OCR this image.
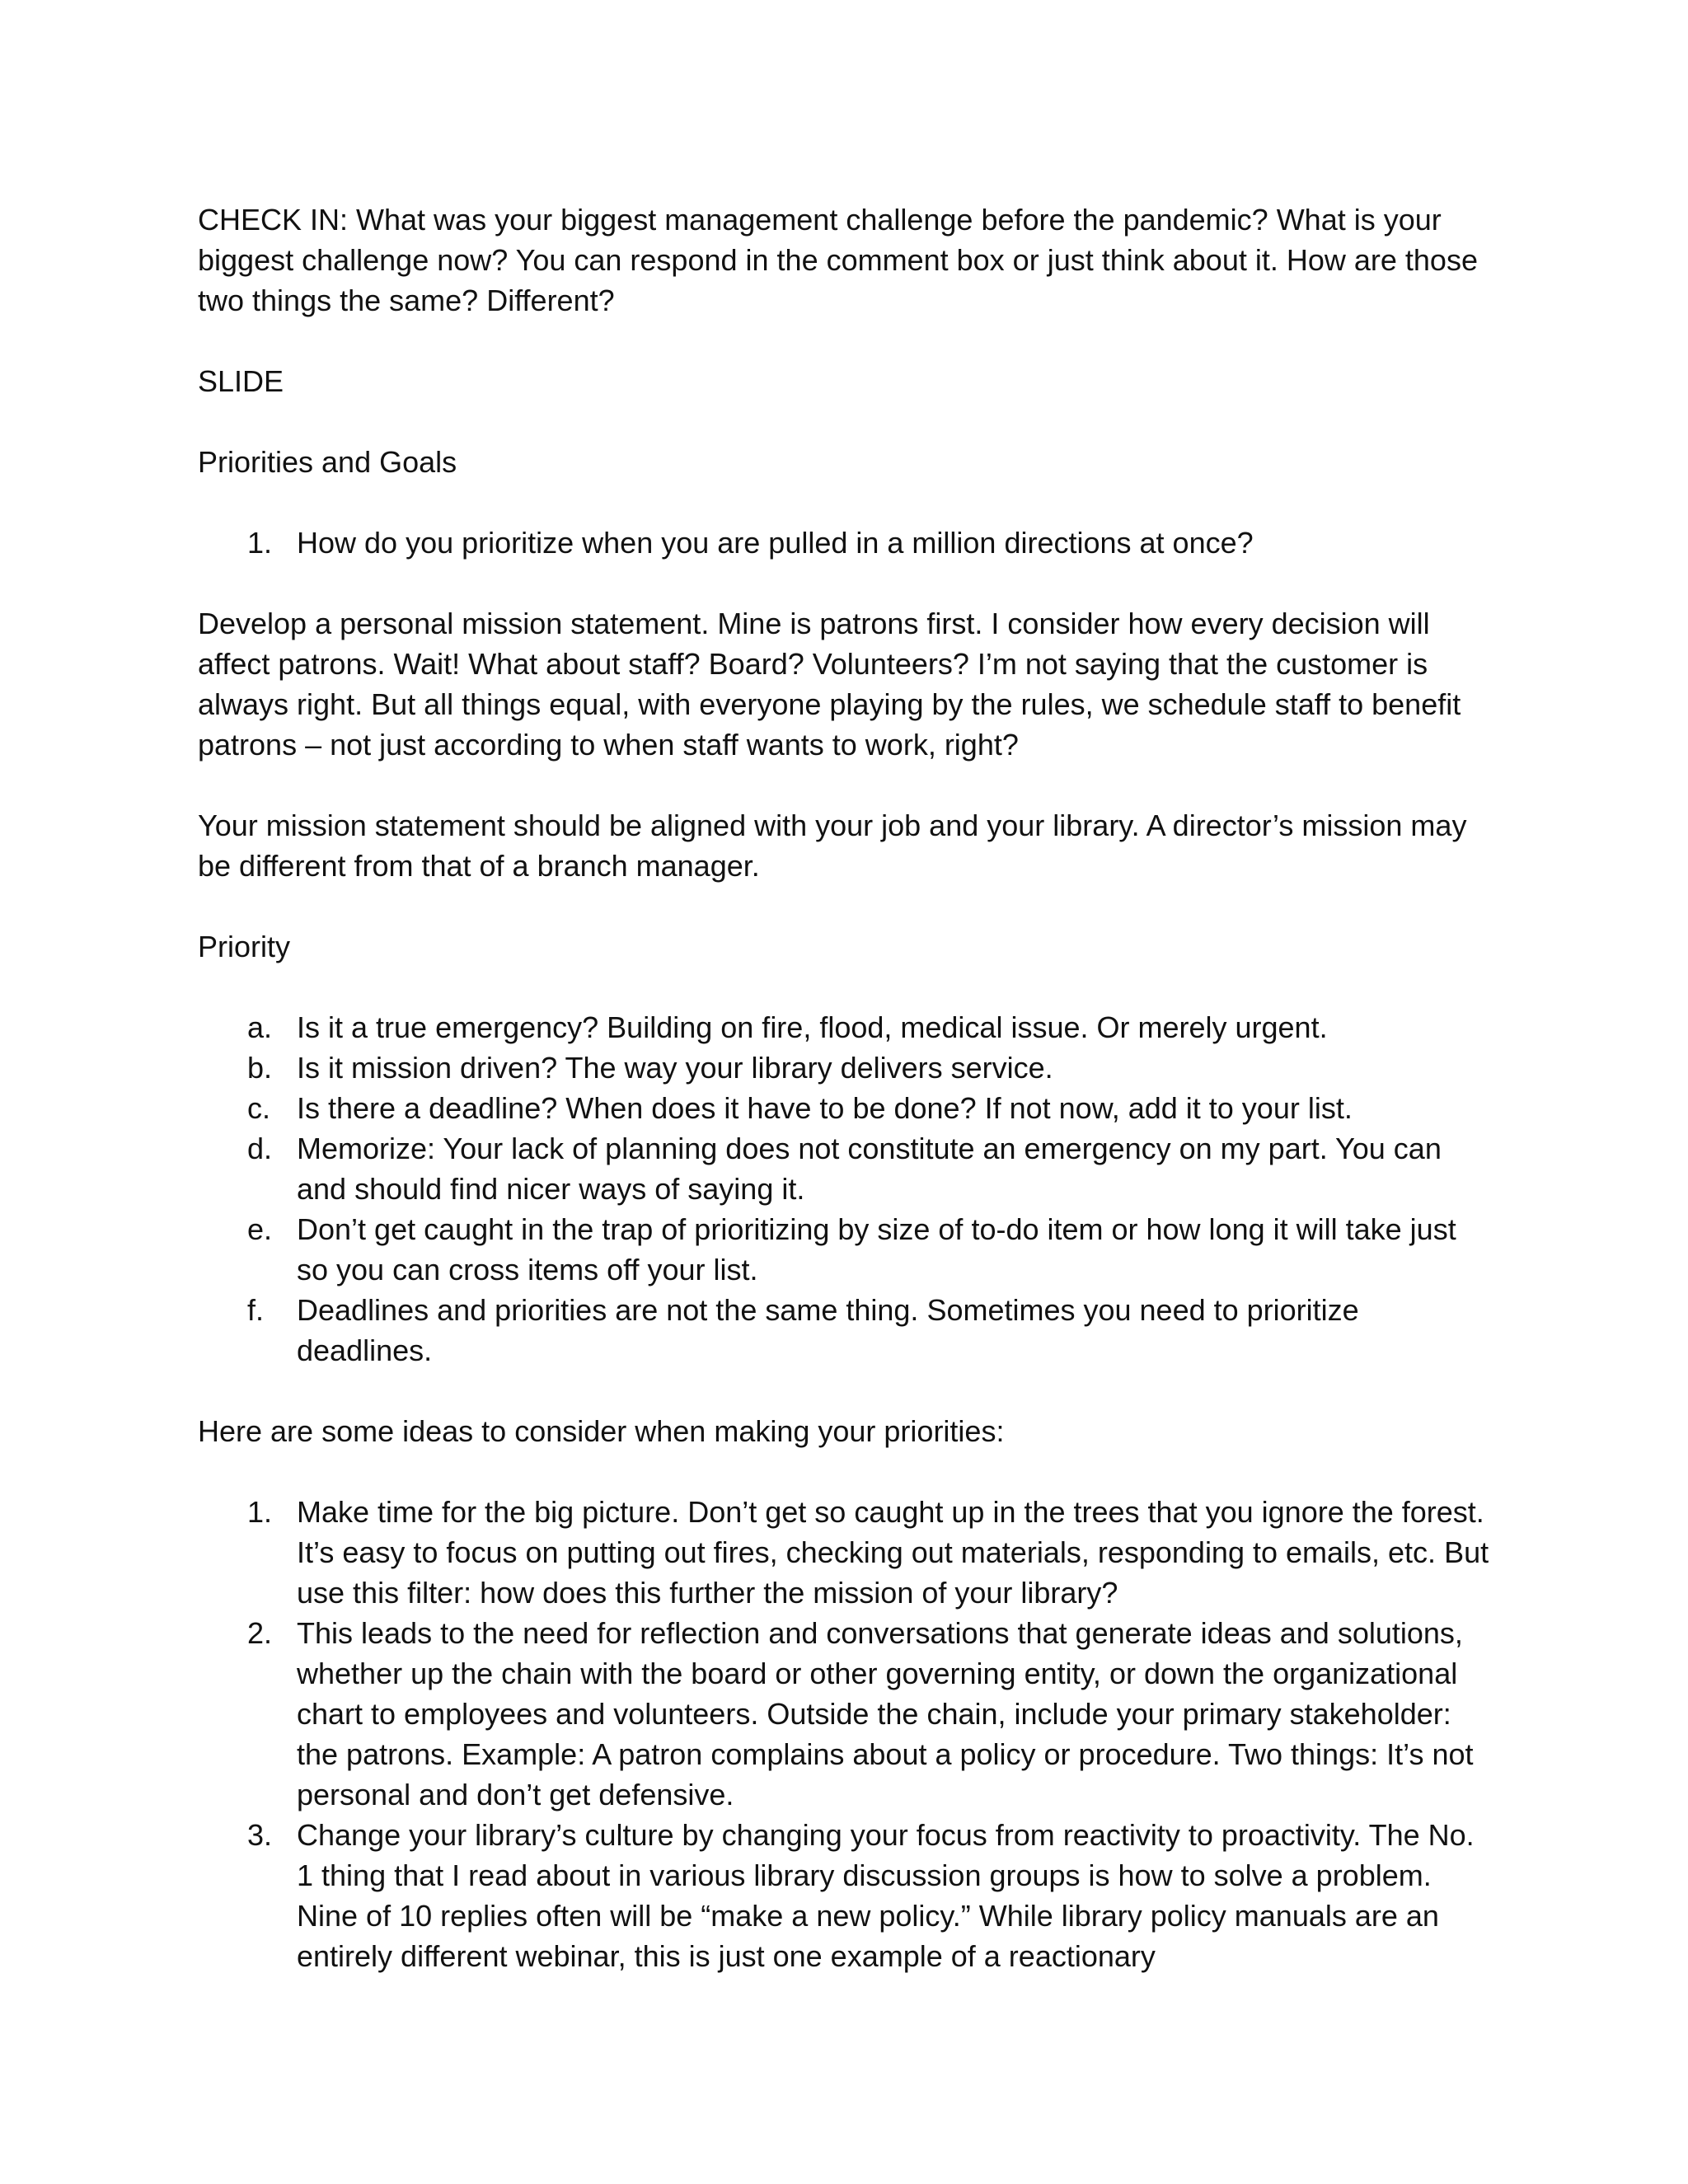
CHECK IN: What was your biggest management challenge before the pandemic? What is your biggest challenge now? You can respond in the comment box or just think about it. How are those two things the same? Different?

SLIDE

Priorities and Goals

1. How do you prioritize when you are pulled in a million directions at once?

Develop a personal mission statement. Mine is patrons first. I consider how every decision will affect patrons. Wait! What about staff? Board? Volunteers? I’m not saying that the customer is always right. But all things equal, with everyone playing by the rules, we schedule staff to benefit patrons – not just according to when staff wants to work, right?

Your mission statement should be aligned with your job and your library. A director’s mission may be different from that of a branch manager.

Priority

a. Is it a true emergency? Building on fire, flood, medical issue. Or merely urgent.
b. Is it mission driven? The way your library delivers service.
c. Is there a deadline? When does it have to be done? If not now, add it to your list.
d. Memorize: Your lack of planning does not constitute an emergency on my part. You can and should find nicer ways of saying it.
e. Don’t get caught in the trap of prioritizing by size of to-do item or how long it will take just so you can cross items off your list.
f. Deadlines and priorities are not the same thing. Sometimes you need to prioritize deadlines.

Here are some ideas to consider when making your priorities:

1. Make time for the big picture. Don’t get so caught up in the trees that you ignore the forest. It’s easy to focus on putting out fires, checking out materials, responding to emails, etc. But use this filter: how does this further the mission of your library?
2. This leads to the need for reflection and conversations that generate ideas and solutions, whether up the chain with the board or other governing entity, or down the organizational chart to employees and volunteers. Outside the chain, include your primary stakeholder: the patrons. Example: A patron complains about a policy or procedure. Two things: It’s not personal and don’t get defensive.
3. Change your library’s culture by changing your focus from reactivity to proactivity. The No. 1 thing that I read about in various library discussion groups is how to solve a problem. Nine of 10 replies often will be “make a new policy.” While library policy manuals are an entirely different webinar, this is just one example of a reactionary
